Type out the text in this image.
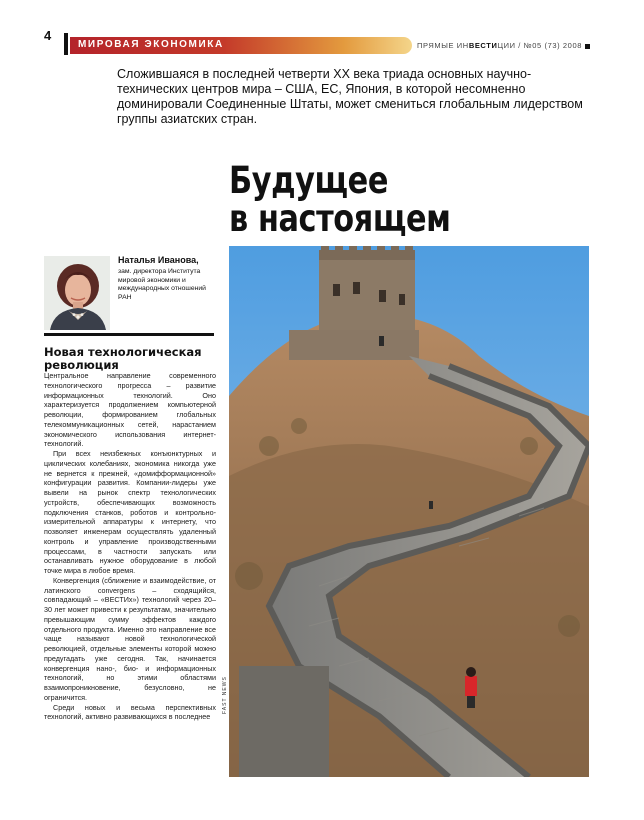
4
МИРОВАЯ ЭКОНОМИКА	ПРЯМЫЕ ИНВЕСТИЦИИ / №05 (73) 2008
Сложившаяся в последней четверти XX века триада основных научно-технических центров мира – США, ЕС, Япония, в которой несомненно доминировали Соединенные Штаты, может смениться глобальным лидерством группы азиатских стран.
Будущее
в настоящем
Наталья Иванова,
зам. директора Института мировой экономики и международных отношений РАН
Новая технологическая революция

Центральное направление современного технологического прогресса – развитие информационных технологий. Оно характеризуется продолжением компьютерной революции, формированием глобальных телекоммуникационных сетей, нарастанием экономического использования интернет-технологий.

При всех неизбежных конъюнктурных и циклических колебаниях, экономика никогда уже не вернется к прежней, «домифформационной» конфигурации развития. Компании-лидеры уже вывели на рынок спектр технологических устройств, обеспечивающих возможность подключения станков, роботов и контрольно-измерительной аппаратуры к интернету, что позволяет инженерам осуществлять удаленный контроль и управление производственными процессами, в частности запускать или останавливать нужное оборудование в любой точке мира в любое время.

Конвергенция (сближение и взаимодействие, от латинского convergens – сходящийся, совпадающий – «ВЕСТИх») технологий через 20–30 лет может привести к результатам, значительно превышающим сумму эффектов каждого отдельного продукта. Именно это направление все чаще называют новой технологической революцией, отдельные элементы которой можно предугадать уже сегодня. Так, начинается конвергенция нано-, био- и информационных технологий, но этими областями взаимопроникновение, безусловно, не ограничится.

Среди новых и весьма перспективных технологий, активно развивающихся в последнее

FAST NEWS
